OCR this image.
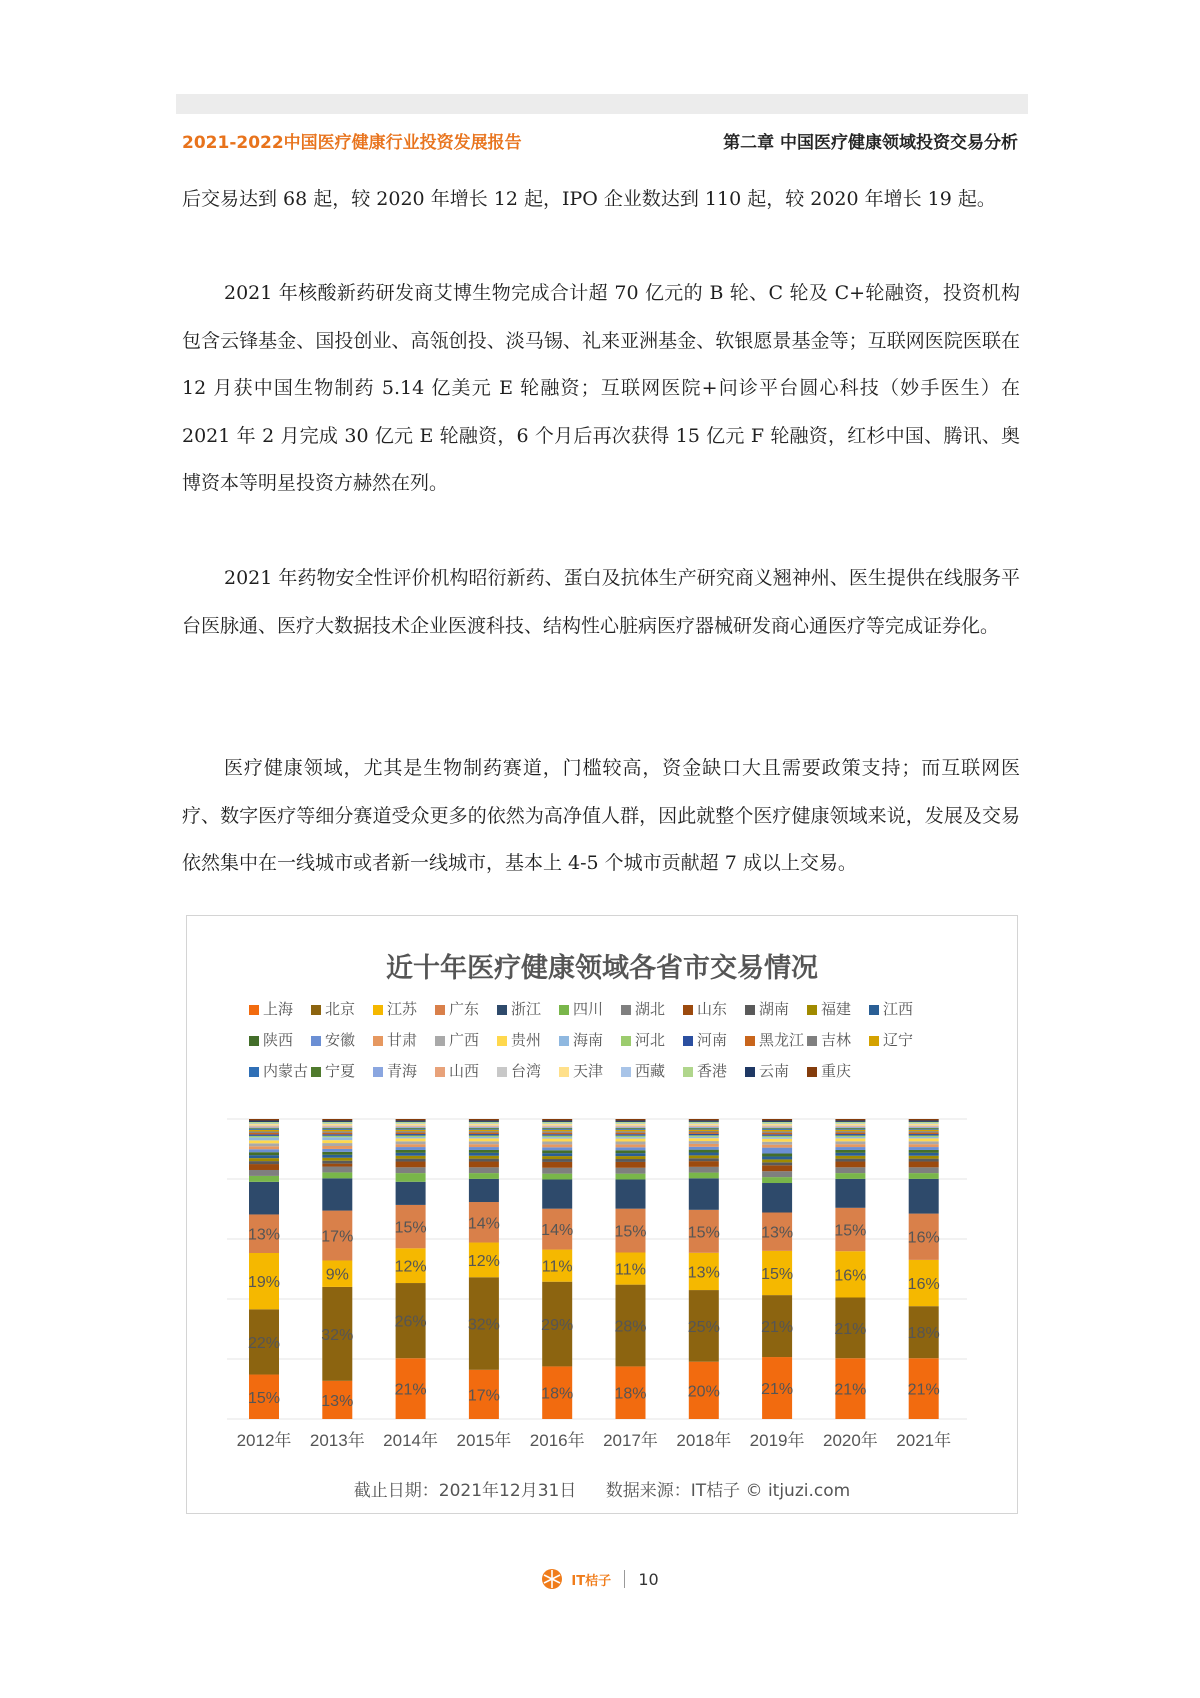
2021-2022中国医疗健康行业投资发展报告	第二章 中国医疗健康领域投资交易分析

后交易达到 68 起，较 2020 年增长 12 起，IPO 企业数达到 110 起，较 2020 年增长 19 起。

2021 年核酸新药研发商艾博生物完成合计超 70 亿元的 B 轮、C 轮及 C+轮融资，投资机构包含云锋基金、国投创业、高瓴创投、淡马锡、礼来亚洲基金、软银愿景基金等；互联网医院医联在 12 月获中国生物制药 5.14 亿美元 E 轮融资；互联网医院+问诊平台圆心科技（妙手医生）在 2021 年 2 月完成 30 亿元 E 轮融资，6 个月后再次获得 15 亿元 F 轮融资，红杉中国、腾讯、奥博资本等明星投资方赫然在列。

2021 年药物安全性评价机构昭衍新药、蛋白及抗体生产研究商义翘神州、医生提供在线服务平台医脉通、医疗大数据技术企业医渡科技、结构性心脏病医疗器械研发商心通医疗等完成证券化。

医疗健康领域，尤其是生物制药赛道，门槛较高，资金缺口大且需要政策支持；而互联网医疗、数字医疗等细分赛道受众更多的依然为高净值人群，因此就整个医疗健康领域来说，发展及交易依然集中在一线城市或者新一线城市，基本上 4-5 个城市贡献超 7 成以上交易。

近十年医疗健康领域各省市交易情况
上海	北京	江苏	广东	浙江	四川	湖北	山东	湖南	福建	江西
陕西	安徽	甘肃	广西	贵州	海南	河北	河南	黑龙江	吉林	辽宁
内蒙古	宁夏	青海	山西	台湾	天津	西藏	香港	云南	重庆
15%
22%
19%
13%
2012年
13%
32%
9%
17%
2013年
21%
26%
12%
15%
2014年
17%
32%
12%
14%
2015年
18%
29%
11%
14%
2016年
18%
28%
11%
15%
2017年
20%
25%
13%
15%
2018年
21%
21%
15%
13%
2019年
21%
21%
16%
15%
2020年
21%
18%
16%
16%
2021年
截止日期：2021年12月31日 数据来源：IT桔子 © itjuzi.com
IT桔子 10
